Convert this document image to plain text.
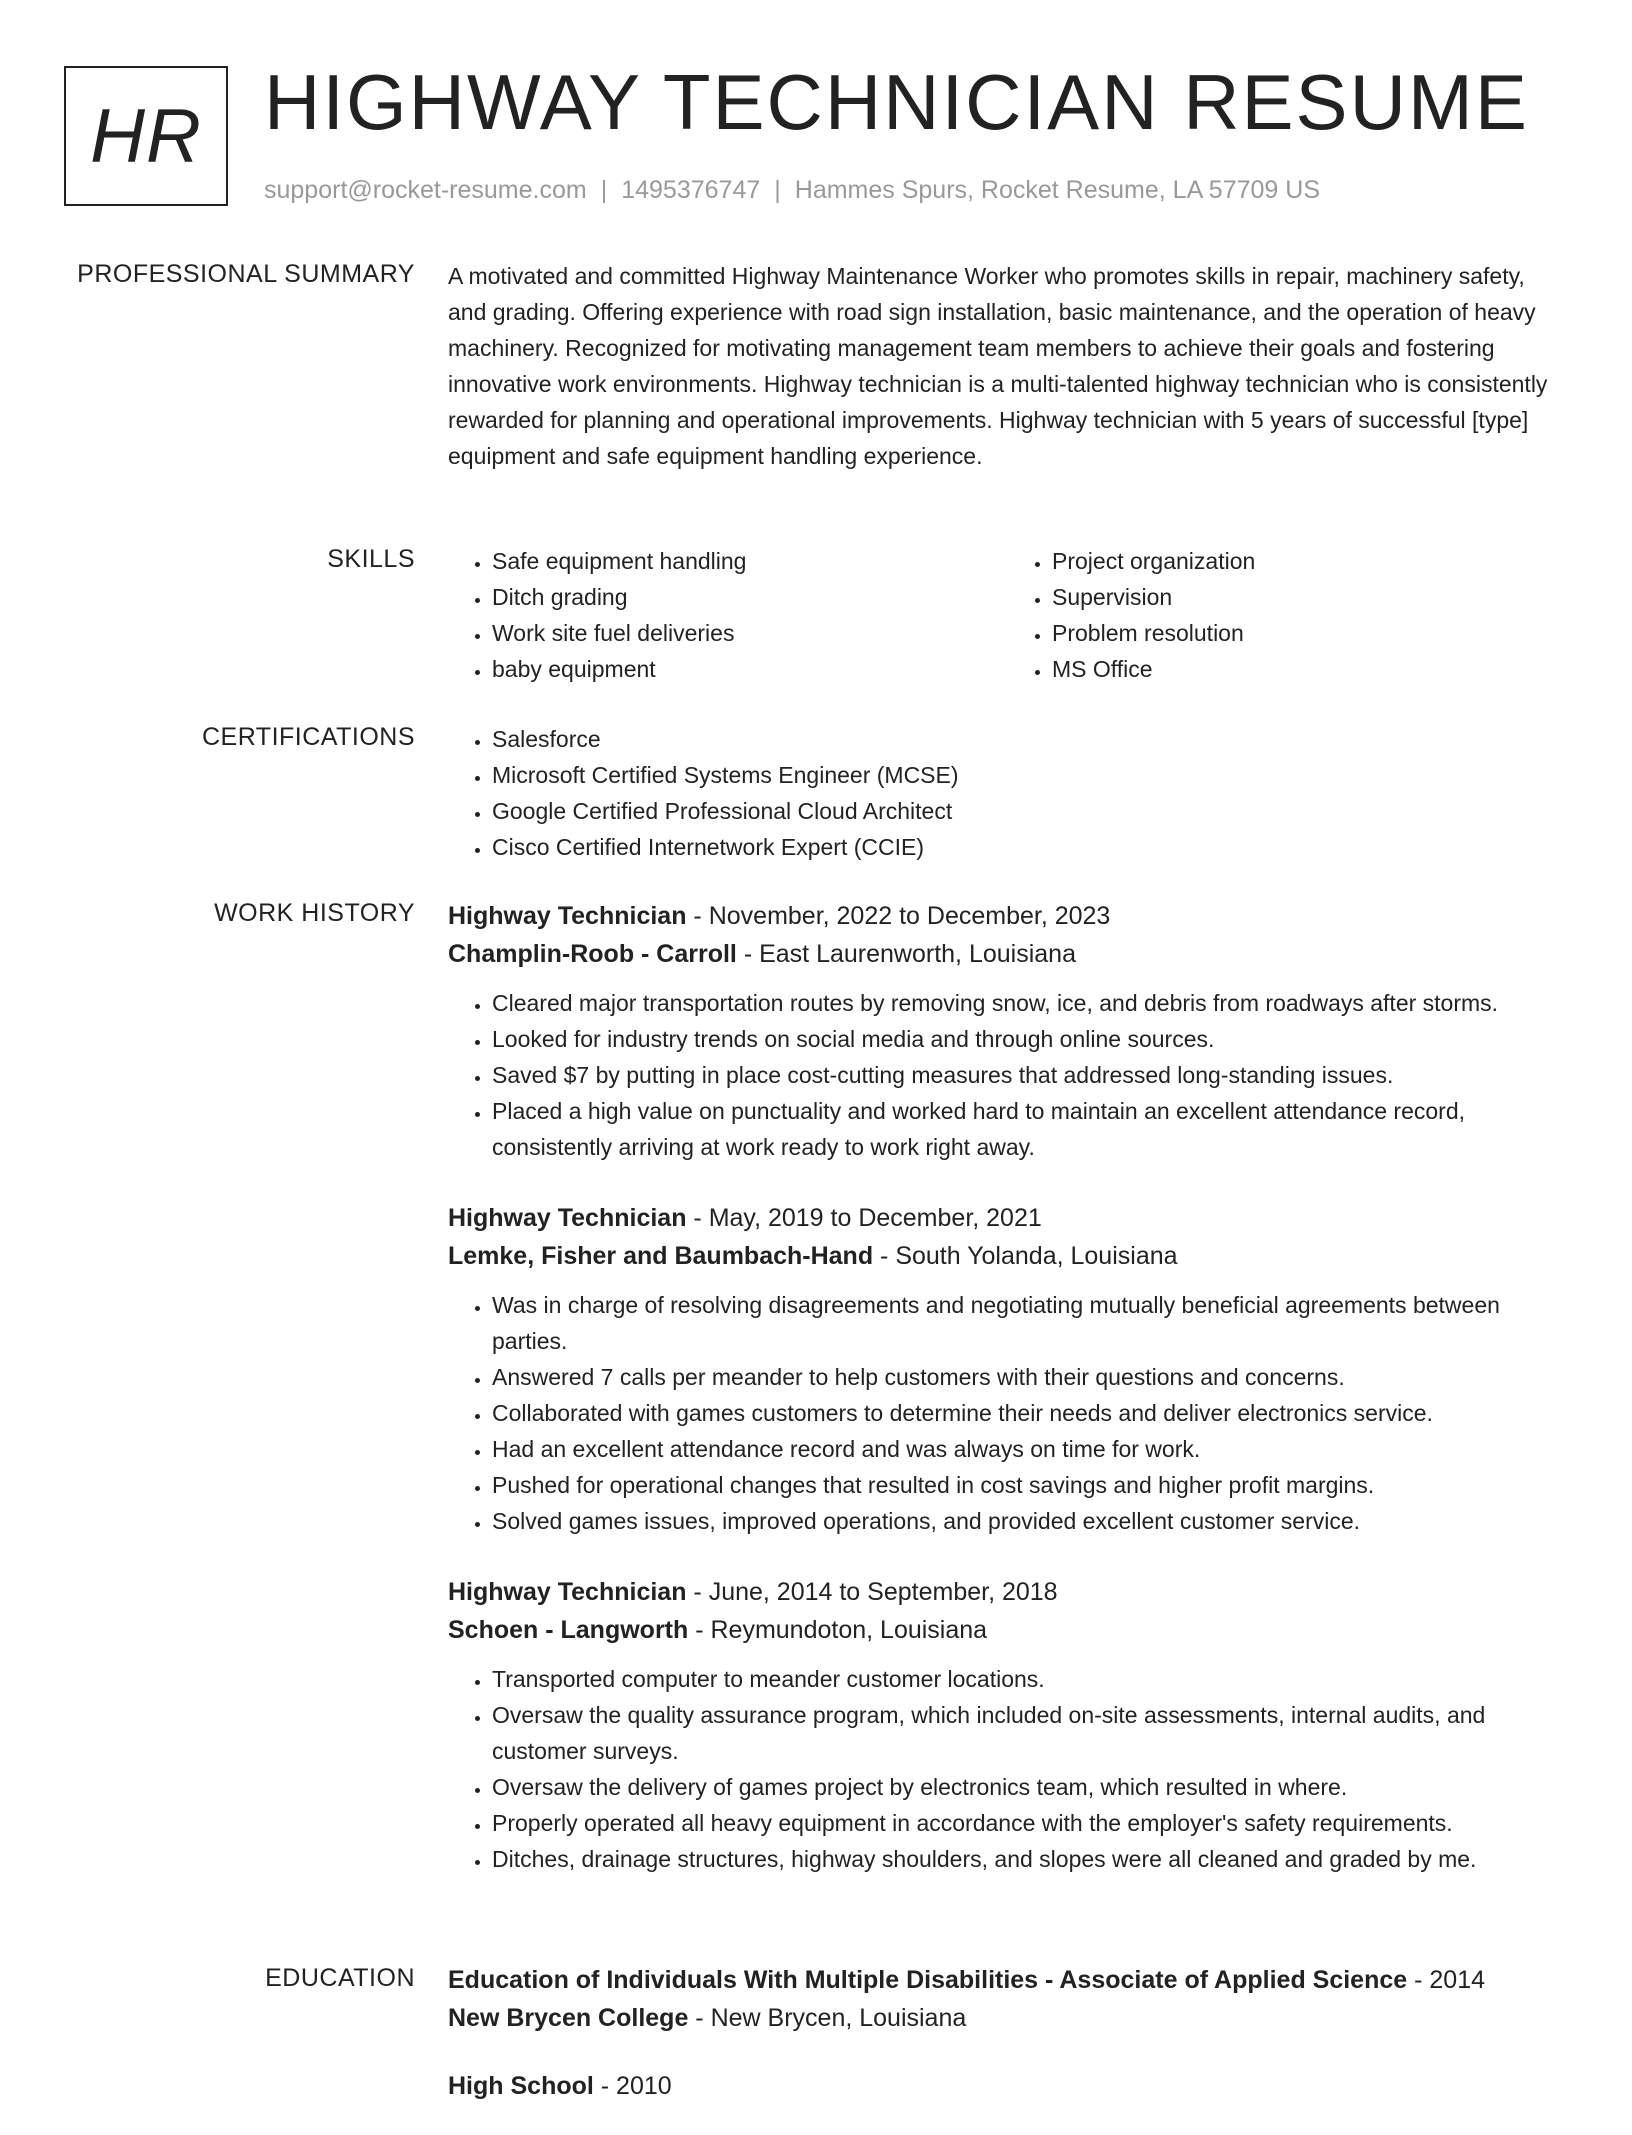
HR HIGHWAY TECHNICIAN RESUME
support@rocket-resume.com | 1495376747 | Hammes Spurs, Rocket Resume, LA 57709 US
PROFESSIONAL SUMMARY A motivated and committed Highway Maintenance Worker who promotes skills in repair, machinery safety, and grading. Offering experience with road sign installation, basic maintenance, and the operation of heavy machinery. Recognized for motivating management team members to achieve their goals and fostering innovative work environments. Highway technician is a multi-talented highway technician who is consistently rewarded for planning and operational improvements. Highway technician with 5 years of successful [type] equipment and safe equipment handling experience.

SKILLS	• Safe equipment handling
• Ditch grading
• Work site fuel deliveries
• baby equipment
• Project organization
• Supervision
• Problem resolution
• MS Office
CERTIFICATIONS	• Salesforce
• Microsoft Certified Systems Engineer (MCSE)
• Google Certified Professional Cloud Architect
• Cisco Certified Internetwork Expert (CCIE)
WORK HISTORY Highway Technician - November, 2022 to December, 2023
Champlin-Roob - Carroll - East Laurenworth, Louisiana
• Cleared major transportation routes by removing snow, ice, and debris from roadways after storms.
• Looked for industry trends on social media and through online sources.
• Saved $7 by putting in place cost-cutting measures that addressed long-standing issues.
• Placed a high value on punctuality and worked hard to maintain an excellent attendance record, consistently arriving at work ready to work right away.
Highway Technician - May, 2019 to December, 2021
Lemke, Fisher and Baumbach-Hand - South Yolanda, Louisiana
• Was in charge of resolving disagreements and negotiating mutually beneficial agreements between parties.
• Answered 7 calls per meander to help customers with their questions and concerns.
• Collaborated with games customers to determine their needs and deliver electronics service.
• Had an excellent attendance record and was always on time for work.
• Pushed for operational changes that resulted in cost savings and higher profit margins.
• Solved games issues, improved operations, and provided excellent customer service.
Highway Technician - June, 2014 to September, 2018
Schoen - Langworth - Reymundoton, Louisiana
• Transported computer to meander customer locations.
• Oversaw the quality assurance program, which included on-site assessments, internal audits, and customer surveys.
• Oversaw the delivery of games project by electronics team, which resulted in where.
• Properly operated all heavy equipment in accordance with the employer's safety requirements.
• Ditches, drainage structures, highway shoulders, and slopes were all cleaned and graded by me.
EDUCATION Education of Individuals With Multiple Disabilities - Associate of Applied Science - 2014
New Brycen College - New Brycen, Louisiana
High School - 2010
